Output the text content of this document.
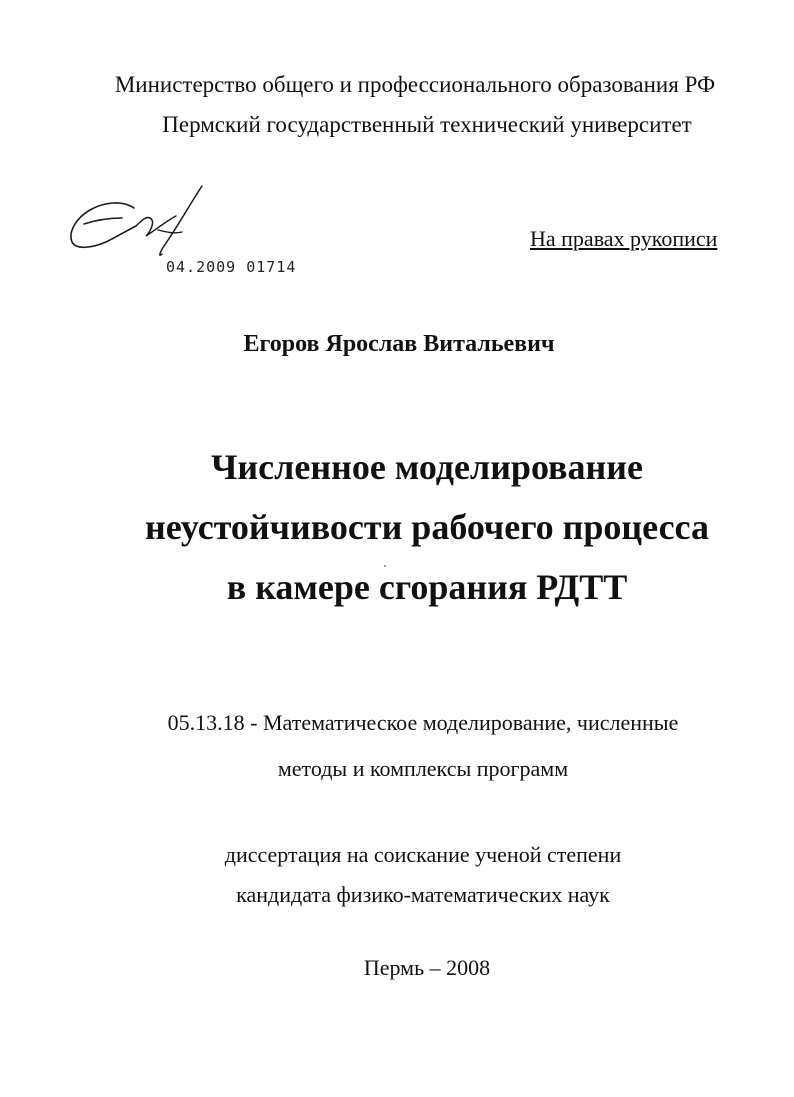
Министерство общего и профессионального образования РФ
Пермский государственный технический университет
04.2009 01714
На правах рукописи
Егоров Ярослав Витальевич
Численное моделирование
неустойчивости рабочего процесса
в камере сгорания РДТТ
05.13.18 - Математическое моделирование, численные
методы и комплексы программ
диссертация на соискание ученой степени
кандидата физико-математических наук
Пермь – 2008
